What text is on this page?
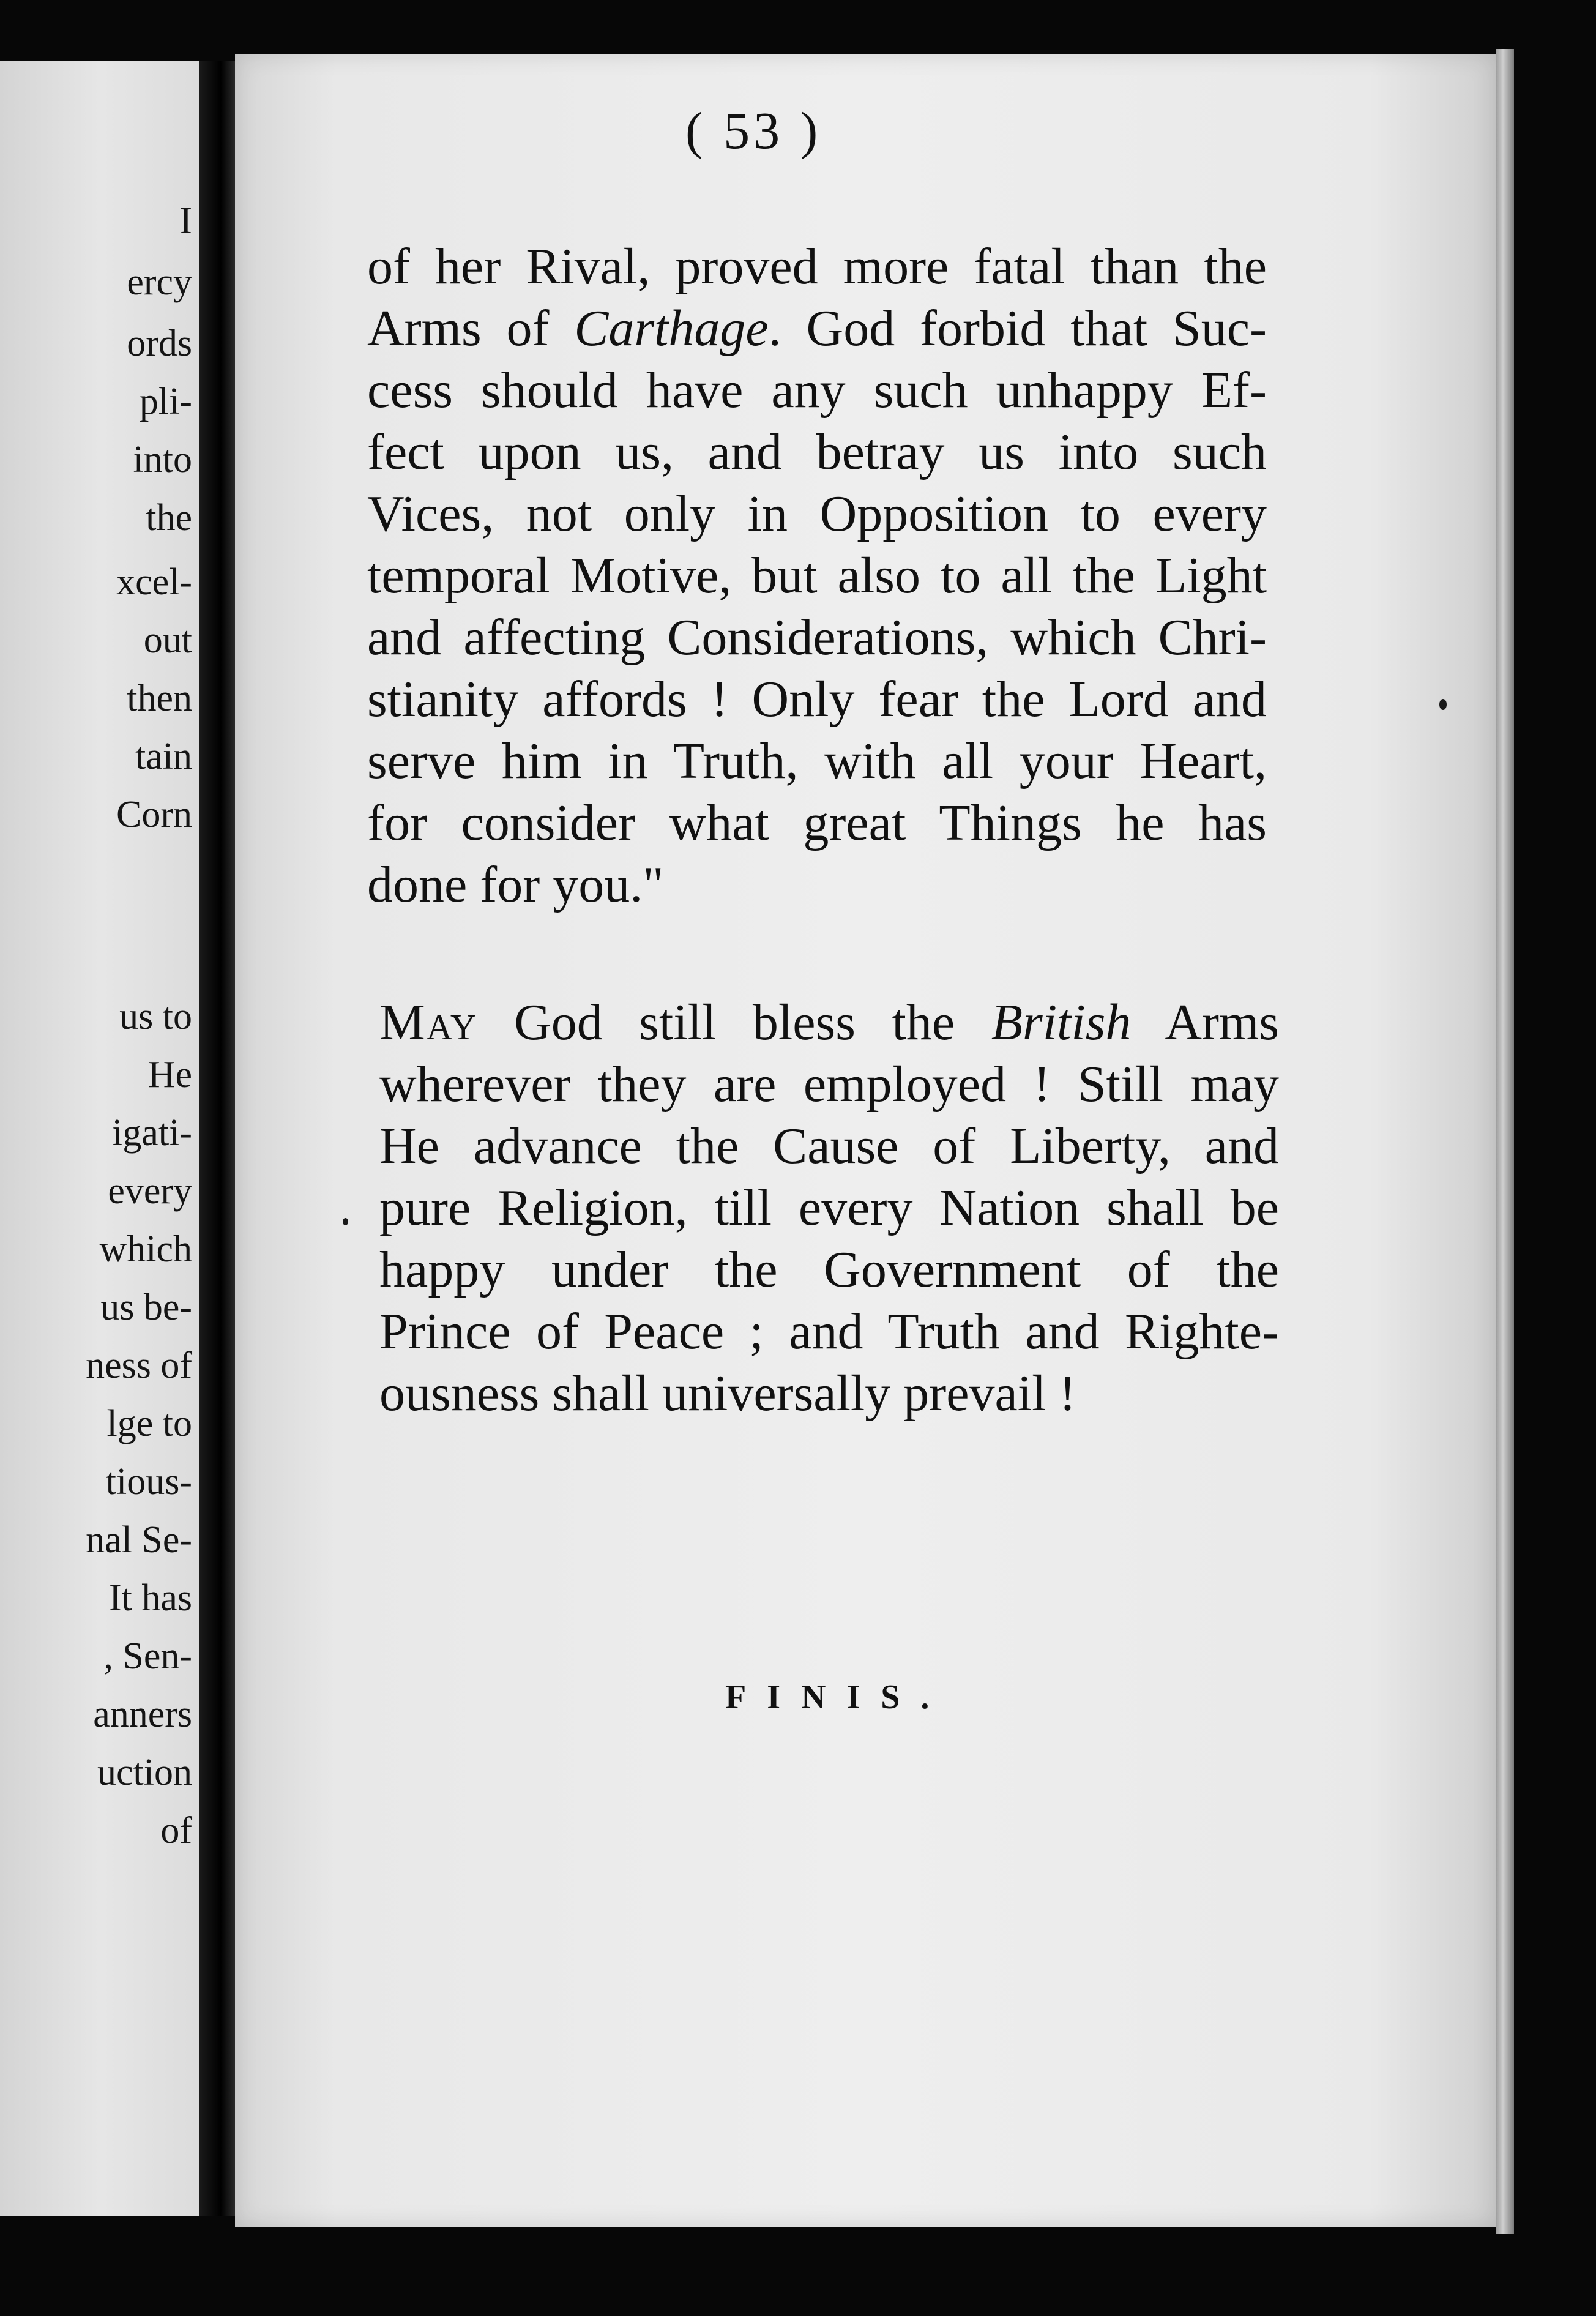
I
ercy
ords
pli-
into
the
xcel-
out
then
tain
Corn
us to
He
igati-
every
which
us be-
ness of
lge to
tious-
nal Se-
It has
, Sen-
anners
uction
of
( 53 )
of her Rival, proved more fatal than the
Arms of Carthage. God forbid that Suc-
cess should have any such unhappy Ef-
fect upon us, and betray us into such
Vices, not only in Opposition to every
temporal Motive, but also to all the Light
and affecting Considerations, which Chri-
stianity affords ! Only fear the Lord and
serve him in Truth, with all your Heart,
for consider what great Things he has
done for you."
May God still bless the British Arms
wherever they are employed ! Still may
He advance the Cause of Liberty, and
pure Religion, till every Nation shall be
happy under the Government of the
Prince of Peace ; and Truth and Righte-
ousness shall universally prevail !
FINIS.
